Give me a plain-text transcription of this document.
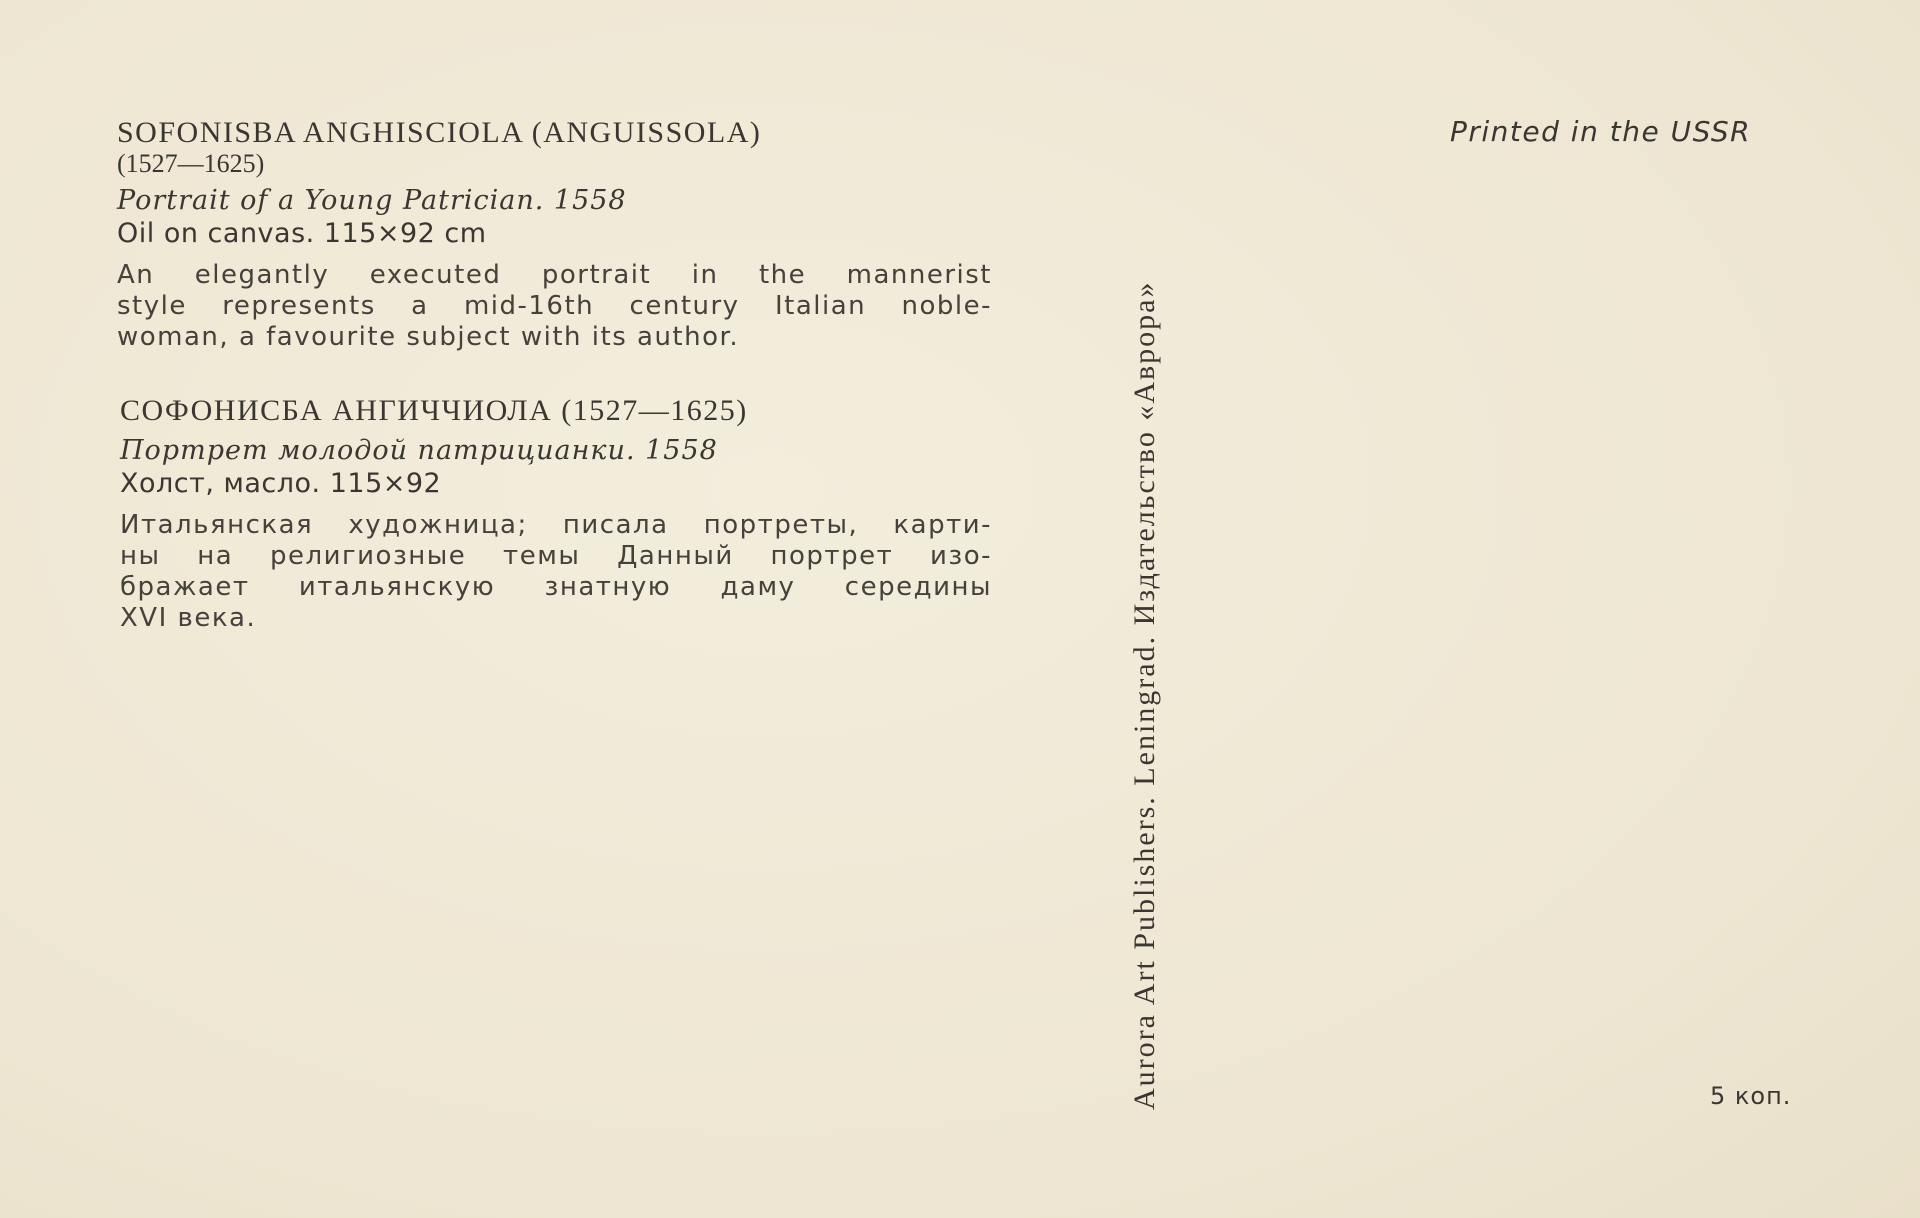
SOFONISBA ANGHISCIOLA (ANGUISSOLA)
(1527—1625)
Portrait of a Young Patrician. 1558
Oil on canvas. 115×92 cm
An elegantly executed portrait in the mannerist
style represents a mid-16th century Italian noble-
woman, a favourite subject with its author.
СОФОНИСБА АНГИЧЧИОЛА (1527—1625)
Портрет молодой патрицианки. 1558
Холст, масло. 115×92
Итальянская художница; писала портреты, карти-
ны на религиозные темы Данный портрет изо-
бражает итальянскую знатную даму середины
XVI века.	Aurora Art Publishers. Leningrad. Издательство «Аврора»
Printed in the USSR
5 коп.
